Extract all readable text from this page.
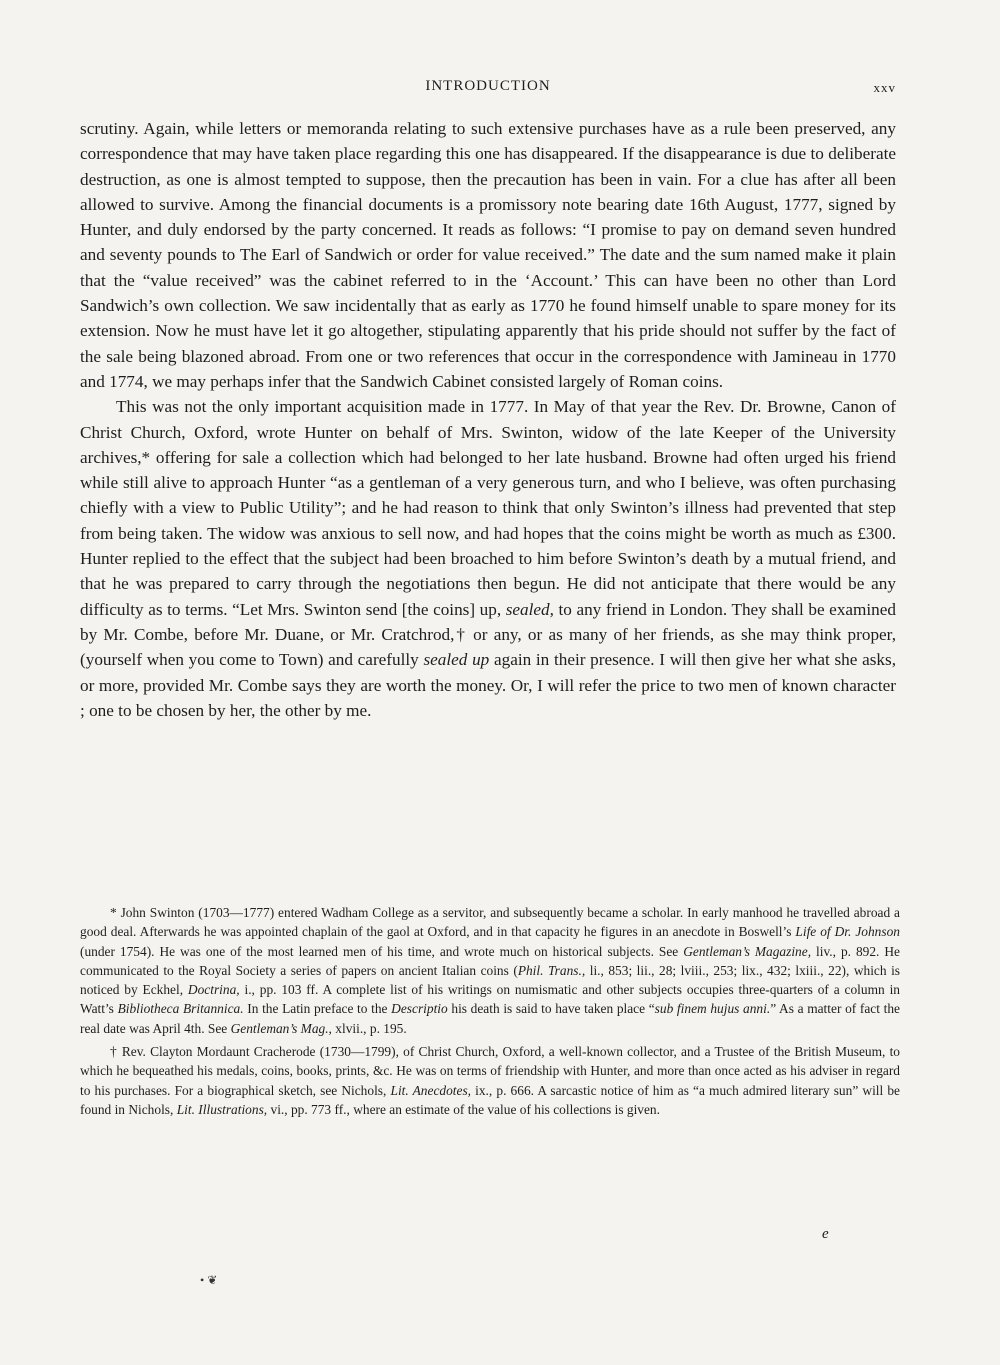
INTRODUCTION	xxv

scrutiny. Again, while letters or memoranda relating to such extensive purchases have as a rule been preserved, any correspondence that may have taken place regarding this one has disappeared. If the disappearance is due to deliberate destruction, as one is almost tempted to suppose, then the precaution has been in vain. For a clue has after all been allowed to survive. Among the financial documents is a promissory note bearing date 16th August, 1777, signed by Hunter, and duly endorsed by the party concerned. It reads as follows: “I promise to pay on demand seven hundred and seventy pounds to The Earl of Sandwich or order for value received.” The date and the sum named make it plain that the “value received” was the cabinet referred to in the ‘Account.’ This can have been no other than Lord Sandwich’s own collection. We saw incidentally that as early as 1770 he found himself unable to spare money for its extension. Now he must have let it go altogether, stipulating apparently that his pride should not suffer by the fact of the sale being blazoned abroad. From one or two references that occur in the correspondence with Jamineau in 1770 and 1774, we may perhaps infer that the Sandwich Cabinet consisted largely of Roman coins.

This was not the only important acquisition made in 1777. In May of that year the Rev. Dr. Browne, Canon of Christ Church, Oxford, wrote Hunter on behalf of Mrs. Swinton, widow of the late Keeper of the University archives,* offering for sale a collection which had belonged to her late husband. Browne had often urged his friend while still alive to approach Hunter “as a gentleman of a very generous turn, and who I believe, was often purchasing chiefly with a view to Public Utility”; and he had reason to think that only Swinton’s illness had prevented that step from being taken. The widow was anxious to sell now, and had hopes that the coins might be worth as much as £300. Hunter replied to the effect that the subject had been broached to him before Swinton’s death by a mutual friend, and that he was prepared to carry through the negotiations then begun. He did not anticipate that there would be any difficulty as to terms. “Let Mrs. Swinton send [the coins] up, sealed, to any friend in London. They shall be examined by Mr. Combe, before Mr. Duane, or Mr. Cratchrod,† or any, or as many of her friends, as she may think proper, (yourself when you come to Town) and carefully sealed up again in their presence. I will then give her what she asks, or more, provided Mr. Combe says they are worth the money. Or, I will refer the price to two men of known character ; one to be chosen by her, the other by me.

* John Swinton (1703—1777) entered Wadham College as a servitor, and subsequently became a scholar. In early manhood he travelled abroad a good deal. Afterwards he was appointed chaplain of the gaol at Oxford, and in that capacity he figures in an anecdote in Boswell’s Life of Dr. Johnson (under 1754). He was one of the most learned men of his time, and wrote much on historical subjects. See Gentleman’s Magazine, liv., p. 892. He communicated to the Royal Society a series of papers on ancient Italian coins (Phil. Trans., li., 853; lii., 28; lviii., 253; lix., 432; lxiii., 22), which is noticed by Eckhel, Doctrina, i., pp. 103 ff. A complete list of his writings on numismatic and other subjects occupies three-quarters of a column in Watt’s Bibliotheca Britannica. In the Latin preface to the Descriptio his death is said to have taken place “sub finem hujus anni.” As a matter of fact the real date was April 4th. See Gentleman’s Mag., xlvii., p. 195.

† Rev. Clayton Mordaunt Cracherode (1730—1799), of Christ Church, Oxford, a well-known collector, and a Trustee of the British Museum, to which he bequeathed his medals, coins, books, prints, &c. He was on terms of friendship with Hunter, and more than once acted as his adviser in regard to his purchases. For a biographical sketch, see Nichols, Lit. Anecdotes, ix., p. 666. A sarcastic notice of him as “a much admired literary sun” will be found in Nichols, Lit. Illustrations, vi., pp. 773 ff., where an estimate of the value of his collections is given.

e
• ❦
